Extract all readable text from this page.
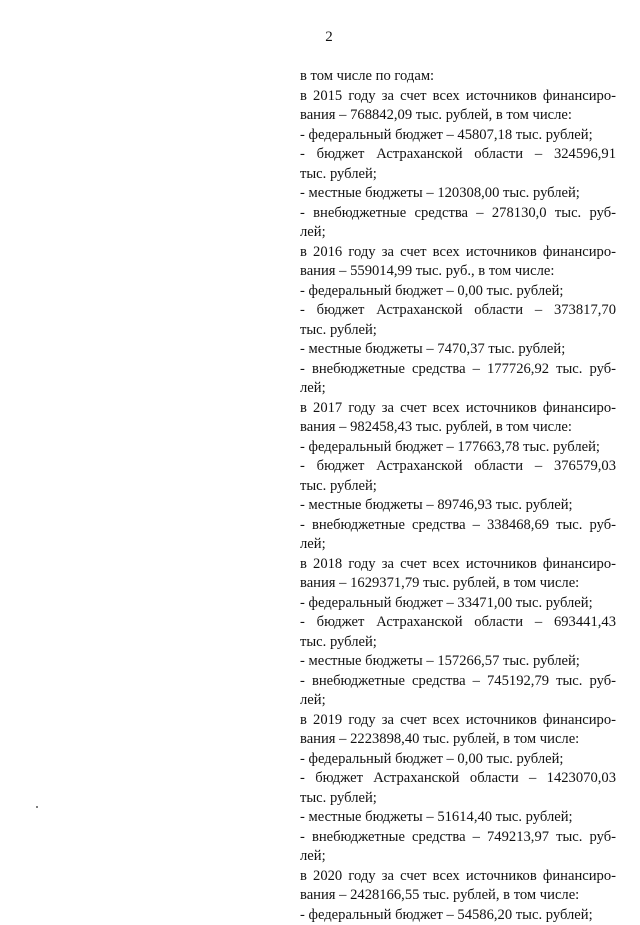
2
в том числе по годам:
в 2015 году за счет всех источников финансиро-
вания – 768842,09 тыс. рублей, в том числе:
- федеральный бюджет – 45807,18 тыс. рублей;
- бюджет Астраханской области – 324596,91
тыс. рублей;
- местные бюджеты – 120308,00 тыс. рублей;
- внебюджетные средства – 278130,0 тыс. руб-
лей;
в 2016 году за счет всех источников финансиро-
вания – 559014,99 тыс. руб., в том числе:
- федеральный бюджет – 0,00 тыс. рублей;
- бюджет Астраханской области – 373817,70
тыс. рублей;
- местные бюджеты – 7470,37 тыс. рублей;
- внебюджетные средства – 177726,92 тыс. руб-
лей;
в 2017 году за счет всех источников финансиро-
вания – 982458,43 тыс. рублей, в том числе:
- федеральный бюджет – 177663,78 тыс. рублей;
- бюджет Астраханской области – 376579,03
тыс. рублей;
- местные бюджеты – 89746,93 тыс. рублей;
- внебюджетные средства – 338468,69 тыс. руб-
лей;
в 2018 году за счет всех источников финансиро-
вания – 1629371,79 тыс. рублей, в том числе:
- федеральный бюджет – 33471,00 тыс. рублей;
- бюджет Астраханской области – 693441,43
тыс. рублей;
- местные бюджеты – 157266,57 тыс. рублей;
- внебюджетные средства – 745192,79 тыс. руб-
лей;
в 2019 году за счет всех источников финансиро-
вания – 2223898,40 тыс. рублей, в том числе:
- федеральный бюджет – 0,00 тыс. рублей;
- бюджет Астраханской области – 1423070,03
тыс. рублей;
- местные бюджеты – 51614,40 тыс. рублей;
- внебюджетные средства – 749213,97 тыс. руб-
лей;
в 2020 году за счет всех источников финансиро-
вания – 2428166,55 тыс. рублей, в том числе:
- федеральный бюджет – 54586,20 тыс. рублей;
